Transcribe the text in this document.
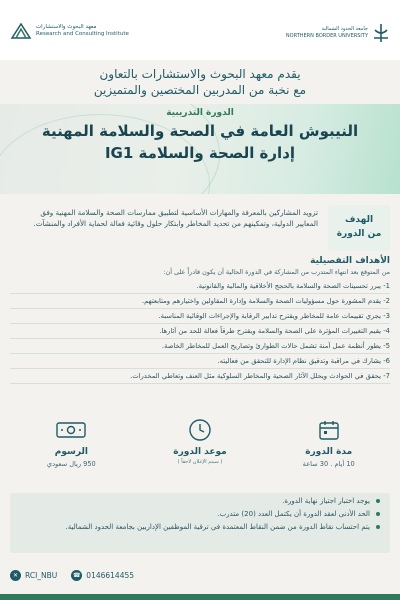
معهد البحوث والاستشارات
Research and Consulting Institute
جامعة الحدود الشمالية
NORTHERN BORDER UNIVERSITY
يقدم معهد البحوث والاستشارات بالتعاون
مع نخبة من المدربين المختصين والمتميزين
الدورة التدريبية
النيبوش العامة في الصحة والسلامة المهنية
إدارة الصحة والسلامة IG1
الهدف
من الدورة
تزويد المشاركين بالمعرفة والمهارات الأساسية لتطبيق ممارسات الصحة والسلامة المهنية وفق المعايير الدولية، وتمكينهم من تحديد المخاطر وابتكار حلول وقائية فعالة لحماية الأفراد والمنشآت.
الأهداف التفصيلية
من المتوقع بعد انتهاء المتدرب من المشاركة في الدورة الحالية أن يكون قادراً على أن:
1- يبرر تحسينات الصحة والسلامة بالحجج الأخلاقية والمالية والقانونية.
2- يقدم المشورة حول مسؤوليات الصحة والسلامة وإدارة المقاولين واختيارهم ومتابعتهم.
3- يجري تقييمات عامة للمخاطر ويقترح تدابير الرقابة والإجراءات الوقائية المناسبة.
4- يقيم التغييرات المؤثرة على الصحة والسلامة ويقترح طرقاً فعالة للحد من آثارها.
5- يطور أنظمة عمل آمنة تشمل حالات الطوارئ وتصاريح العمل للمخاطر الخاصة.
6- يشارك في مراقبة وتدقيق نظام الإدارة للتحقق من فعاليته.
7- يحقق في الحوادث ويحلل الآثار الصحية والمخاطر السلوكية مثل العنف وتعاطي المخدرات.
الرسوم
950 ريال سعودي
موعد الدورة
( سيتم الإعلان لاحقاً )
مدة الدورة
10 أيام . 30 ساعة
يوجد اختبار اجتياز نهاية الدورة.
الحد الأدنى لعقد الدورة أن يكتمل العدد (20) متدرب.
يتم احتساب نقاط الدورة من ضمن النقاط المعتمدة في ترقية الموظفين الإداريين بجامعة الحدود الشمالية.
✕ RCI_NBU	☎ 0146614455
